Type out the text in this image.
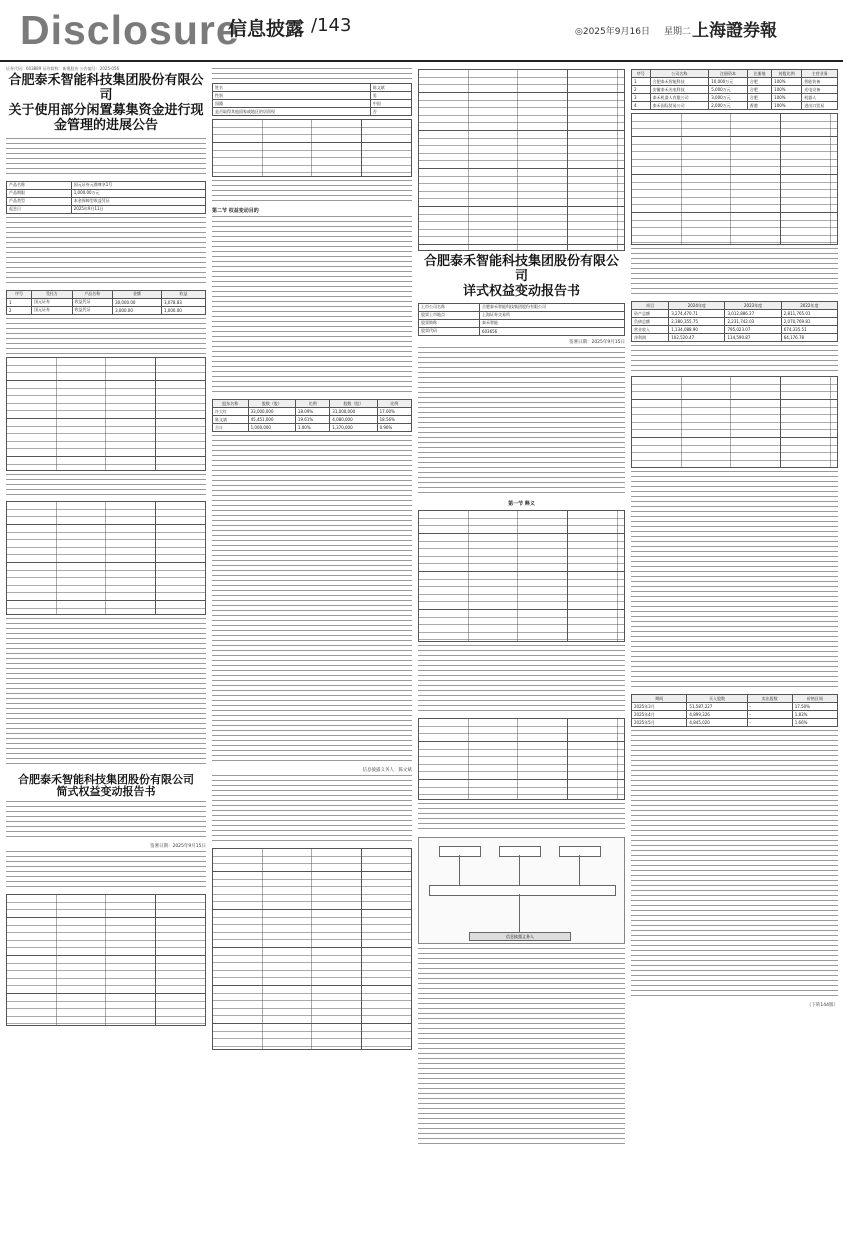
Disclosure
信息披露 /143	◎2025年9月16日 星期二 上海證券報
证券代码：603889 证券简称：新澳股份 公告编号：2025-056
合肥泰禾智能科技集团股份有限公司
关于使用部分闲置募集资金进行现金管理的进展公告
产品名称	国元证券元鼎尊享1号
产品期限	1,000.00万元
产品类型	本金保障型收益凭证
起息日	2025年9月11日
序号	受托方	产品名称	金额	收益
1	国元证券	收益凭证	30,000.00	3,078.83
2	国元证券	收益凭证	3,000.00	1,000.00
合肥泰禾智能科技集团股份有限公司
简式权益变动报告书
签署日期：2025年9月15日
姓名	陈文斌
性别	男
国籍	中国
是否取得其他国家或地区的居留权	否
第二节 权益变动目的
股东名称	股数（股）	比例	股数（股）	比例
许大红	33,000,000	18.09%	31,000,000	17.00%
陈文斌	45,451,000	19.61%	4,080,000	18.56%
合计	1,000,000	1.00%	1,370,000	0.96%
信息披露义务人：陈文斌
合肥泰禾智能科技集团股份有限公司
详式权益变动报告书
上市公司名称	合肥泰禾智能科技集团股份有限公司
股票上市地点	上海证券交易所
股票简称	泰禾智能
股票代码	603656
签署日期：2025年9月15日
第一节 释义
信息披露义务人
序号	公司名称	注册资本	注册地	持股比例	主营业务
1	合肥泰禾智能科技	10,000万元	合肥	100%	智能装备
2	安徽泰禾光电科技	5,000万元	合肥	100%	光电设备
3	泰禾机器人有限公司	3,000万元	合肥	100%	机器人
4	泰禾国际贸易公司	2,000万元	香港	100%	进出口贸易
项目	2024年度	2023年度	2022年度
资产总额	3,274,470.71	3,012,886.27	2,811,765.01
负债总额	2,380,355.75	2,231,742.03	2,070,769.81
营业收入	1,134,088.90	795,023.07	674,335.51
净利润	102,520.47	114,590.87	64,176.78
期间	买入股数	卖出股数	价格区间
2025年3月	51,587,227	-	17.50%
2025年4月	4,899,326	-	1.83%
2025年5月	4,845,020	-	1.66%
（下转144版）
